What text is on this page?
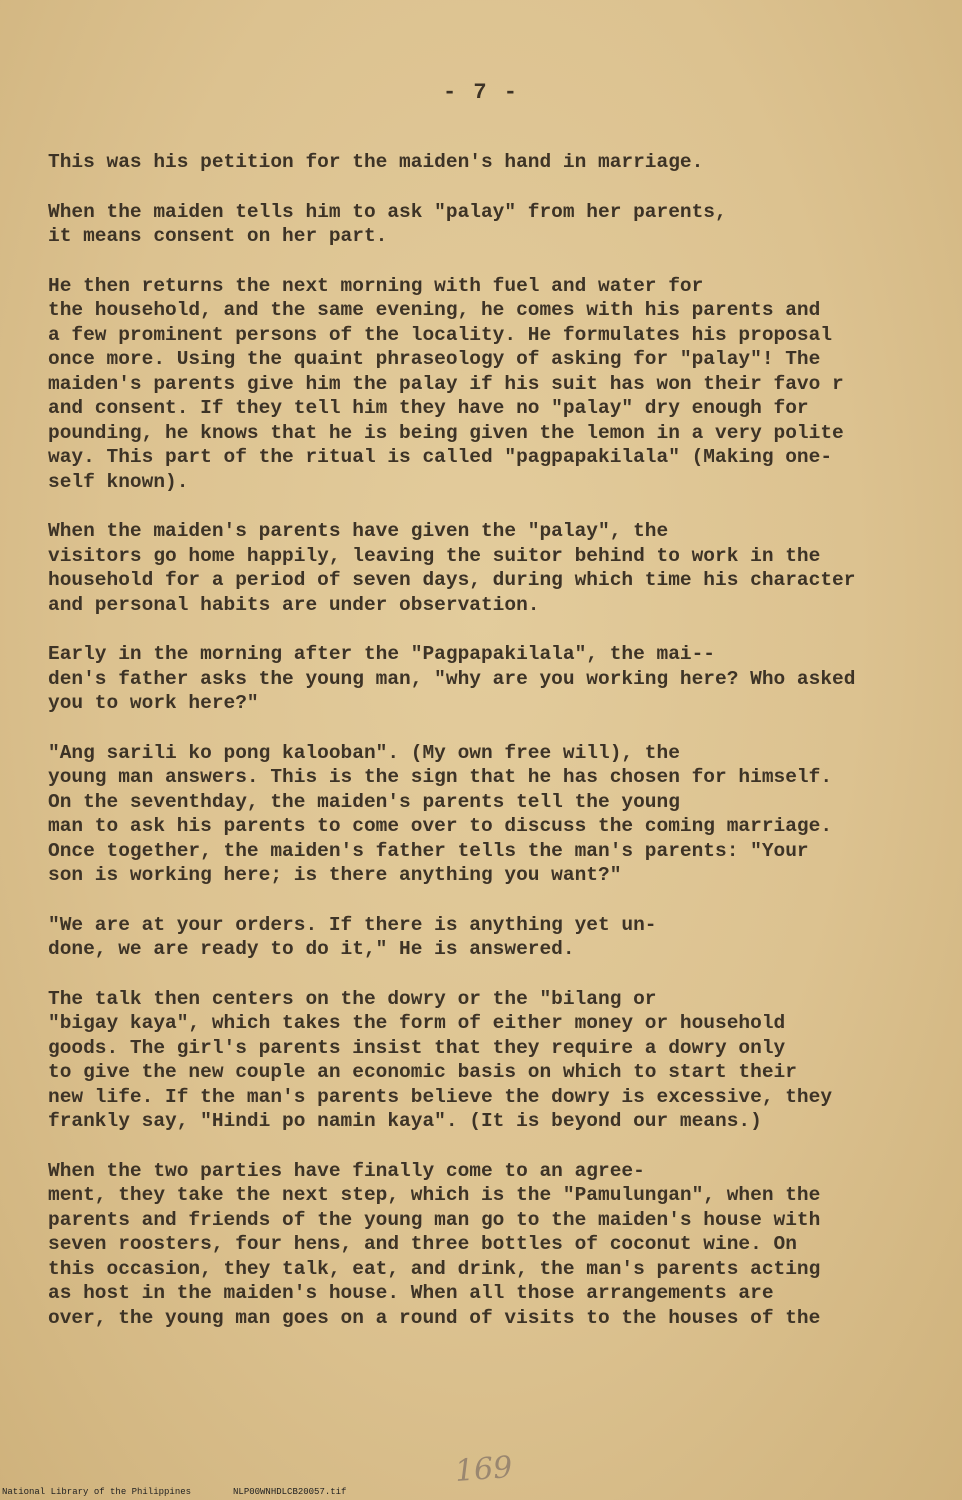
- 7 -

This was his petition for the maiden's hand in marriage.

When the maiden tells him to ask "palay" from her parents,
it means consent on her part.

He then returns the next morning with fuel and water for
the household, and the same evening, he comes with his parents and
a few prominent persons of the locality. He formulates his proposal
once more. Using the quaint phraseology of asking for "palay"! The
maiden's parents give him the palay if his suit has won their favo r
and consent. If they tell him they have no "palay" dry enough for
pounding, he knows that he is being given the lemon in a very polite
way. This part of the ritual is called "pagpapakilala" (Making one-
self known).

When the maiden's parents have given the "palay", the
visitors go home happily, leaving the suitor behind to work in the
household for a period of seven days, during which time his character
and personal habits are under observation.

Early in the morning after the "Pagpapakilala", the mai--
den's father asks the young man, "why are you working here? Who asked
you to work here?"

"Ang sarili ko pong kalooban". (My own free will), the
young man answers. This is the sign that he has chosen for himself.
On the seventhday, the maiden's parents tell the young
man to ask his parents to come over to discuss the coming marriage.
Once together, the maiden's father tells the man's parents: "Your
son is working here; is there anything you want?"

"We are at your orders. If there is anything yet un-
done, we are ready to do it," He is answered.

The talk then centers on the dowry or the "bilang or
"bigay kaya", which takes the form of either money or household
goods. The girl's parents insist that they require a dowry only
to give the new couple an economic basis on which to start their
new life. If the man's parents believe the dowry is excessive, they
frankly say, "Hindi po namin kaya". (It is beyond our means.)

When the two parties have finally come to an agree-
ment, they take the next step, which is the "Pamulungan", when the
parents and friends of the young man go to the maiden's house with
seven roosters, four hens, and three bottles of coconut wine. On
this occasion, they talk, eat, and drink, the man's parents acting
as host in the maiden's house. When all those arrangements are
over, the young man goes on a round of visits to the houses of the

169
National Library of the Philippines	NLP00WNHDLCB20057.tif
